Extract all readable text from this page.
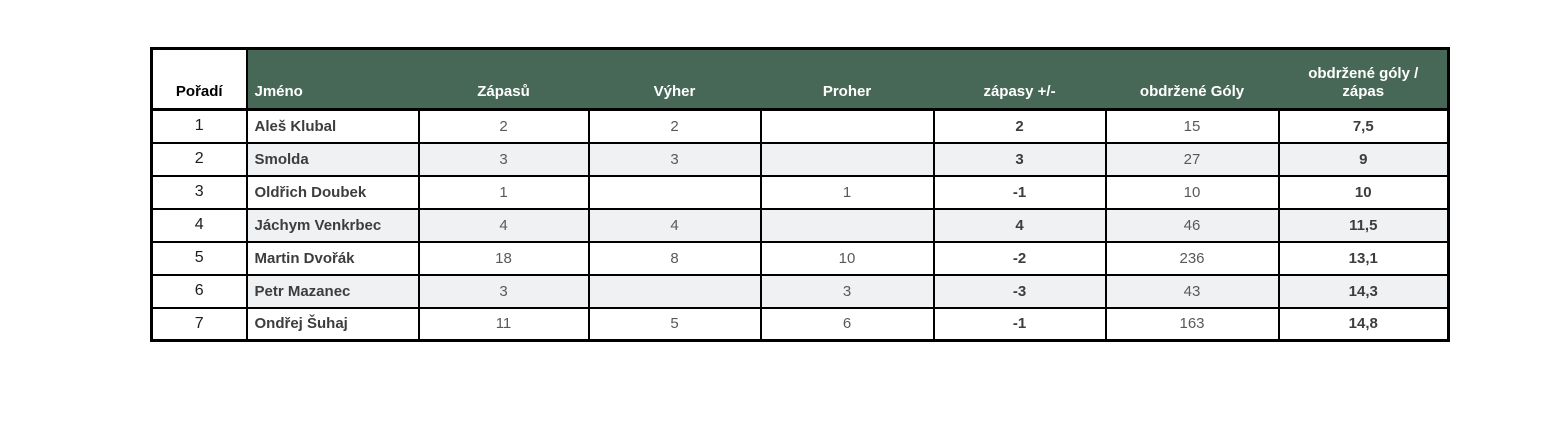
Pořadí	Jméno	Zápasů	Výher	Proher	zápasy +/-	obdržené Góly	obdržené góly / zápas
1	Aleš Klubal	2	2		2	15	7,5
2	Smolda	3	3		3	27	9
3	Oldřich Doubek	1		1	-1	10	10
4	Jáchym Venkrbec	4	4		4	46	11,5
5	Martin Dvořák	18	8	10	-2	236	13,1
6	Petr Mazanec	3		3	-3	43	14,3
7	Ondřej Šuhaj	11	5	6	-1	163	14,8
